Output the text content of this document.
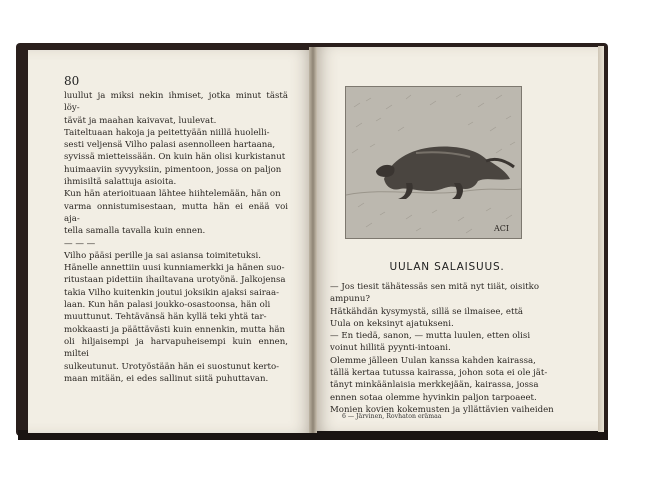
80

luullut ja miksi nekin ihmiset, jotka minut tästä löy-
tävät ja maahan kaivavat, luulevat.

Taiteltuaan hakoja ja peitettyään niillä huolelli-
sesti veljensä Vilho palasi asennolleen hartaana,
syvissä mietteissään. On kuin hän olisi kurkistanut
huimaaviin syvyyksiin, pimentoon, jossa on paljon
ihmisiltä salattuja asioita.

Kun hän aterioituaan lähtee hiihtelemään, hän on
varma onnistumisestaan, mutta hän ei enää voi aja-
tella samalla tavalla kuin ennen.

— — —

Vilho pääsi perille ja sai asiansa toimitetuksi.
Hänelle annettiin uusi kunniamerkki ja hänen suo-
ritustaan pidettiin ihailtavana urotyönä. Jalkojensa
takia Vilho kuitenkin joutui joksikin ajaksi sairaa-
laan. Kun hän palasi joukko-osastoonsa, hän oli
muuttunut. Tehtävänsä hän kyllä teki yhtä tar-
mokkaasti ja päättävästi kuin ennenkin, mutta hän
oli hiljaisempi ja harvapuheisempi kuin ennen, miltei
sulkeutunut. Urotyöstään hän ei suostunut kerto-
maan mitään, ei edes sallinut siitä puhuttavan.

ACI

UULAN SALAISUUS.

— Jos tiesit tähätessäs sen mitä nyt tiiät, oisitko
ampunu?

Hätkähdän kysymystä, sillä se ilmaisee, että
Uula on keksinyt ajatukseni.

— En tiedä, sanon, — mutta luulen, etten olisi
voinut hillitä pyynti-intoani.

Olemme jälleen Uulan kanssa kahden kairassa,
tällä kertaa tutussa kairassa, johon sota ei ole jät-
tänyt minkäänlaisia merkkejään, kairassa, jossa
ennen sotaa olemme hyvinkin paljon tarpoaeet.
Monien kovien kokemusten ja yllättävien vaiheiden

6 — Järvinen, Rovhaton erämaa
